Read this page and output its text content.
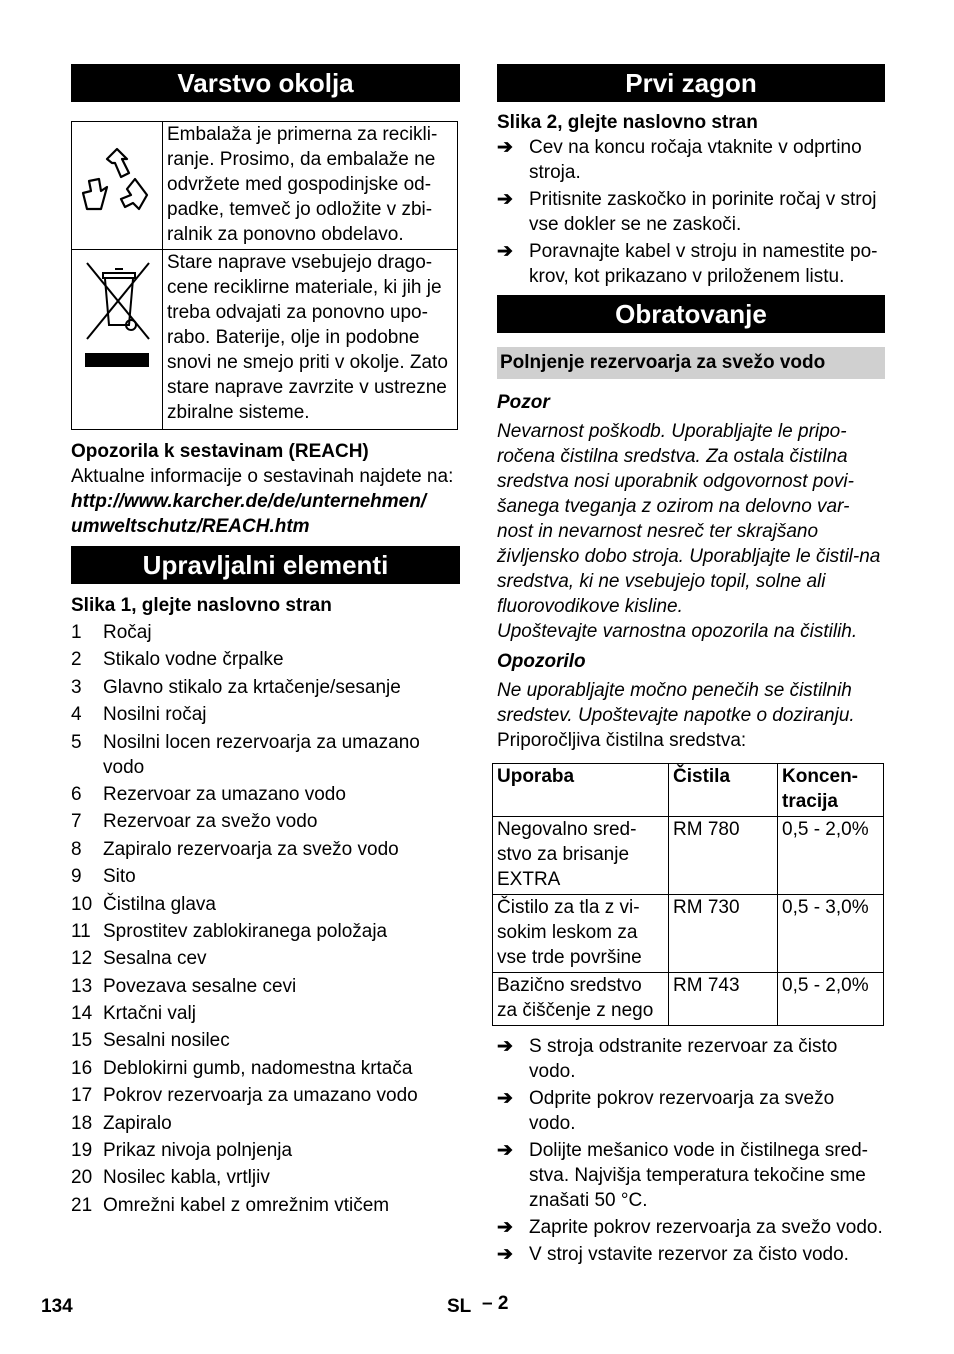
Varstvo okolja
	Embalaža je primerna za recikli-ranje. Prosimo, da embalaže ne odvržete med gospodinjske od-padke, temveč jo odložite v zbi-ralnik za ponovno obdelavo.
	Stare naprave vsebujejo drago-cene reciklirne materiale, ki jih je treba odvajati za ponovno upo-rabo. Baterije, olje in podobne snovi ne smejo priti v okolje. Zato stare naprave zavrzite v ustrezne zbiralne sisteme.
Opozorila k sestavinam (REACH)
Aktualne informacije o sestavinah najdete na:
http://www.karcher.de/de/unternehmen/
umweltschutz/REACH.htm
Upravljalni elementi
Slika 1, glejte naslovno stran
1	Ročaj
2	Stikalo vodne črpalke
3	Glavno stikalo za krtačenje/sesanje
4	Nosilni ročaj
5	Nosilni locen rezervoarja za umazano vodo
6	Rezervoar za umazano vodo
7	Rezervoar za svežo vodo
8	Zapiralo rezervoarja za svežo vodo
9	Sito
10 Čistilna glava
11 Sprostitev zablokiranega položaja
12 Sesalna cev
13 Povezava sesalne cevi
14 Krtačni valj
15 Sesalni nosilec
16 Deblokirni gumb, nadomestna krtača
17 Pokrov rezervoarja za umazano vodo
18 Zapiralo
19 Prikaz nivoja polnjenja
20 Nosilec kabla, vrtljiv
21 Omrežni kabel z omrežnim vtičem
Prvi zagon
Slika 2, glejte naslovno stran
➔ Cev na koncu ročaja vtaknite v odprtino stroja.
➔ Pritisnite zaskočko in porinite ročaj v stroj vse dokler se ne zaskoči.
➔ Poravnajte kabel v stroju in namestite po-krov, kot prikazano v priloženem listu.
Obratovanje
Polnjenje rezervoarja za svežo vodo
Pozor
Nevarnost poškodb. Uporabljajte le pripo-ročena čistilna sredstva. Za ostala čistilna sredstva nosi uporabnik odgovornost povi-šanega tveganja z ozirom na delovno var-nost in nevarnost nesreč ter skrajšano življensko dobo stroja. Uporabljajte le čistil-na sredstva, ki ne vsebujejo topil, solne ali fluorovodikove kisline.
Upoštevajte varnostna opozorila na čistilih.
Opozorilo
Ne uporabljajte močno penečih se čistilnih sredstev. Upoštevajte napotke o doziranju.
Priporočljiva čistilna sredstva:
Uporaba	Čistila	Koncen-tracija
Negovalno sred-stvo za brisanje EXTRA	RM 780	0,5 - 2,0%
Čistilo za tla z vi-sokim leskom za vse trde površine	RM 730	0,5 - 3,0%
Bazično sredstvo za čiščenje z nego	RM 743	0,5 - 2,0%
➔ S stroja odstranite rezervoar za čisto vodo.
➔ Odprite pokrov rezervoarja za svežo vodo.
➔ Dolijte mešanico vode in čistilnega sred-stva. Najvišja temperatura tekočine sme znašati 50 °C.
➔ Zaprite pokrov rezervoarja za svežo vodo.
➔ V stroj vstavite rezervor za čisto vodo.
134	SL – 2
